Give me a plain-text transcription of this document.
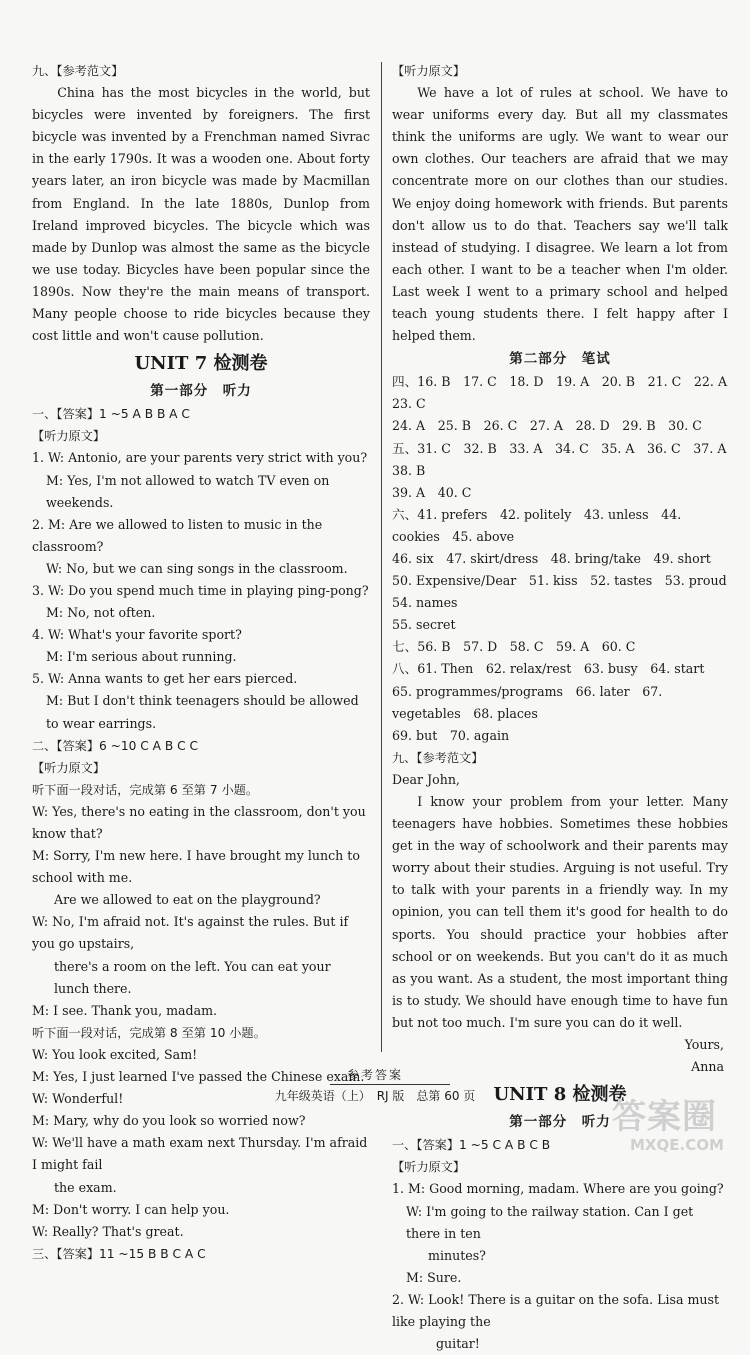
九、【参考范文】

China has the most bicycles in the world, but bicycles were invented by foreigners. The first bicycle was invented by a Frenchman named Sivrac in the early 1790s. It was a wooden one. About forty years later, an iron bicycle was made by Macmillan from England. In the late 1880s, Dunlop from Ireland improved bicycles. The bicycle which was made by Dunlop was almost the same as the bicycle we use today. Bicycles have been popular since the 1890s. Now they're the main means of transport. Many people choose to ride bicycles because they cost little and won't cause pollution.

UNIT 7 检测卷

第一部分　听力

一、【答案】1 ~5 A B B A C

【听力原文】

1. W: Antonio, are your parents very strict with you?

M: Yes, I'm not allowed to watch TV even on weekends.

2. M: Are we allowed to listen to music in the classroom?

W: No, but we can sing songs in the classroom.

3. W: Do you spend much time in playing ping-pong?

M: No, not often.

4. W: What's your favorite sport?

M: I'm serious about running.

5. W: Anna wants to get her ears pierced.

M: But I don't think teenagers should be allowed to wear earrings.

二、【答案】6 ~10 C A B C C

【听力原文】

听下面一段对话，完成第 6 至第 7 小题。

W: Yes, there's no eating in the classroom, don't you know that?

M: Sorry, I'm new here. I have brought my lunch to school with me.

Are we allowed to eat on the playground?

W: No, I'm afraid not. It's against the rules. But if you go upstairs,

there's a room on the left. You can eat your lunch there.

M: I see. Thank you, madam.

听下面一段对话，完成第 8 至第 10 小题。

W: You look excited, Sam!

M: Yes, I just learned I've passed the Chinese exam.

W: Wonderful!

M: Mary, why do you look so worried now?

W: We'll have a math exam next Thursday. I'm afraid I might fail

the exam.

M: Don't worry. I can help you.

W: Really? That's great.

三、【答案】11 ~15 B B C A C

【听力原文】

We have a lot of rules at school. We have to wear uniforms every day. But all my classmates think the uniforms are ugly. We want to wear our own clothes. Our teachers are afraid that we may concentrate more on our clothes than our studies. We enjoy doing homework with friends. But parents don't allow us to do that. Teachers say we'll talk instead of studying. I disagree. We learn a lot from each other. I want to be a teacher when I'm older. Last week I went to a primary school and helped teach young students there. I felt happy after I helped them.

第二部分　笔试

四、16. B　17. C　18. D　19. A　20. B　21. C　22. A　23. C

24. A　25. B　26. C　27. A　28. D　29. B　30. C

五、31. C　32. B　33. A　34. C　35. A　36. C　37. A　38. B

39. A　40. C

六、41. prefers　42. politely　43. unless　44. cookies　45. above

46. six　47. skirt/dress　48. bring/take　49. short

50. Expensive/Dear　51. kiss　52. tastes　53. proud　54. names

55. secret

七、56. B　57. D　58. C　59. A　60. C

八、61. Then　62. relax/rest　63. busy　64. start

65. programmes/programs　66. later　67. vegetables　68. places

69. but　70. again

九、【参考范文】

Dear John,

I know your problem from your letter. Many teenagers have hobbies. Sometimes these hobbies get in the way of schoolwork and their parents may worry about their studies. Arguing is not useful. Try to talk with your parents in a friendly way. In my opinion, you can tell them it's good for health to do sports. You should practice your hobbies after school or on weekends. But you can't do it as much as you want. As a student, the most important thing is to study. We should have enough time to have fun but not too much. I'm sure you can do it well.

Yours,

Anna

UNIT 8 检测卷

第一部分　听力

一、【答案】1 ~5 C A B C B

【听力原文】

1. M: Good morning, madam. Where are you going?

W: I'm going to the railway station. Can I get there in ten

minutes?

M: Sure.

2. W: Look! There is a guitar on the sofa. Lisa must like playing the

guitar!

参考答案
九年级英语（上）　RJ 版　总第 60 页
答案圈
MXQE.COM
